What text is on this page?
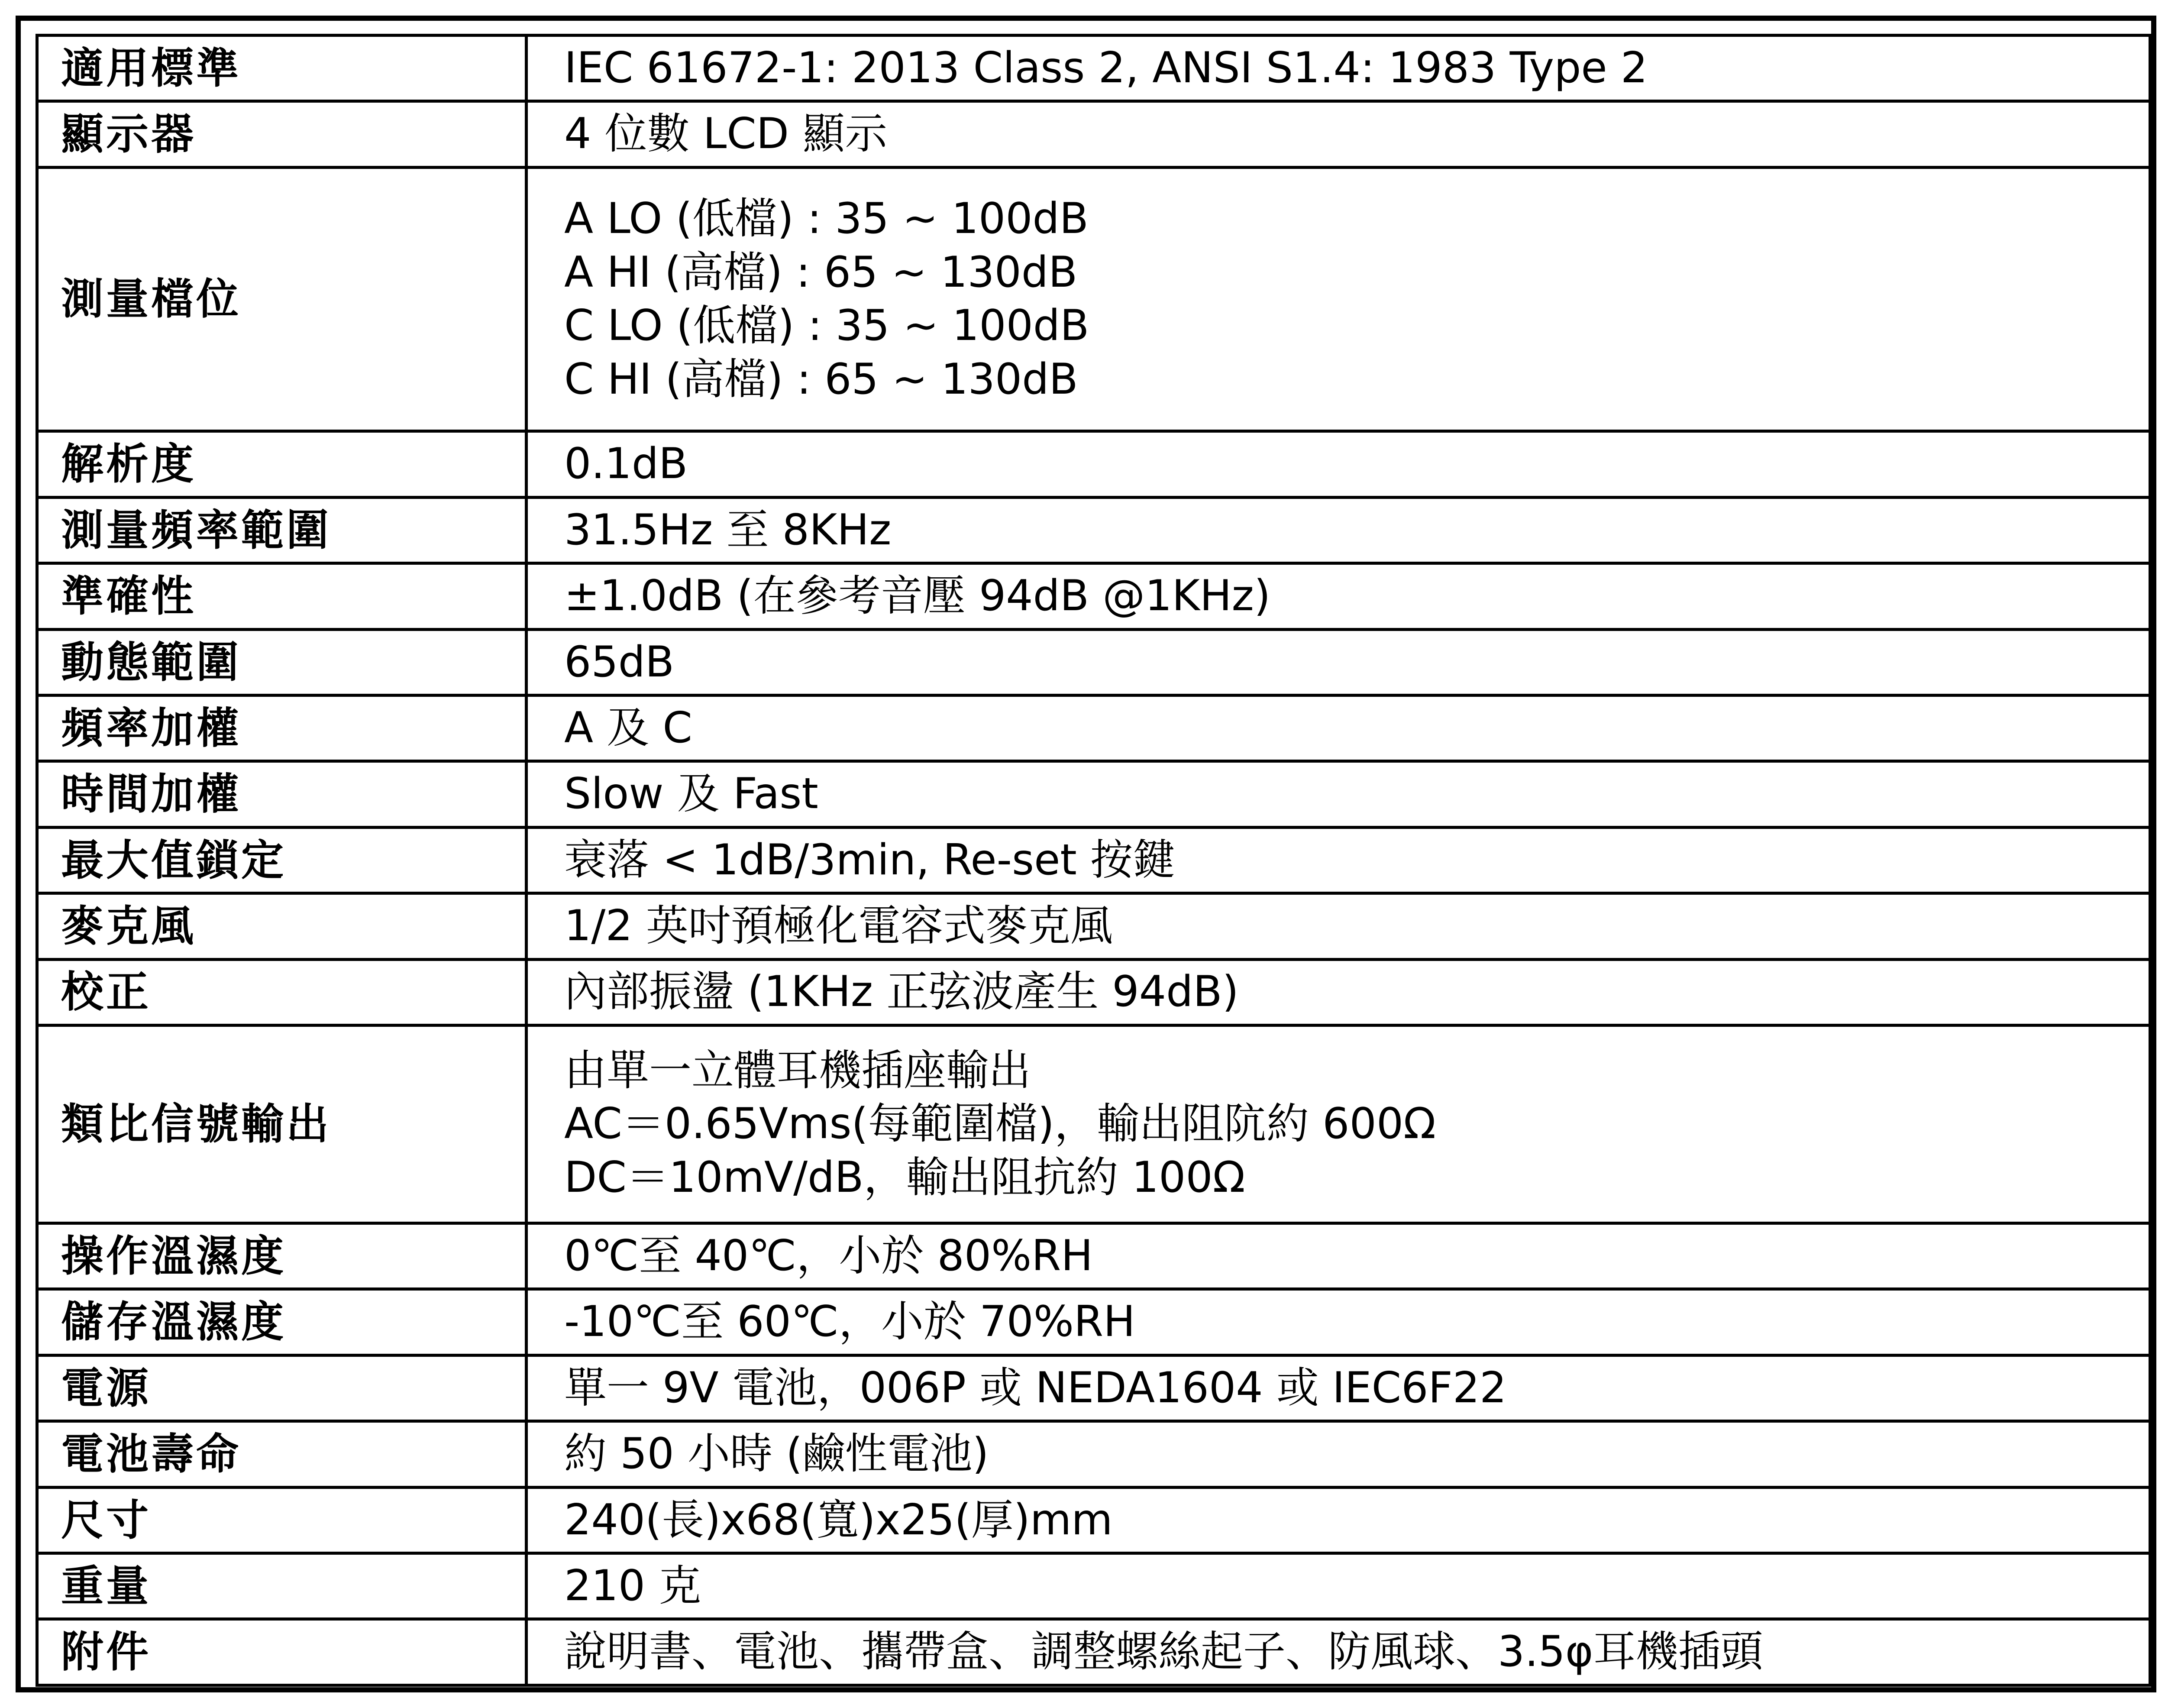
適用標準	IEC 61672-1: 2013 Class 2, ANSI S1.4: 1983 Type 2

顯示器	4 位數 LCD 顯示

測量檔位	A LO (低檔) : 35 ~ 100dB
A HI (高檔) : 65 ~ 130dB
C LO (低檔) : 35 ~ 100dB
C HI (高檔) : 65 ~ 130dB

解析度	0.1dB

測量頻率範圍	31.5Hz 至 8KHz

準確性	±1.0dB (在參考音壓 94dB @1KHz)

動態範圍	65dB

頻率加權	A 及 C

時間加權	Slow 及 Fast

最大值鎖定	衰落 < 1dB/3min, Re-set 按鍵

麥克風	1/2 英吋預極化電容式麥克風

校正	內部振盪 (1KHz 正弦波產生 94dB)

類比信號輸出	由單一立體耳機插座輸出
AC＝0.65Vms(每範圍檔)，輸出阻阬約 600Ω
DC＝10mV/dB，輸出阻抗約 100Ω

操作溫濕度	0℃至 40℃，小於 80%RH

儲存溫濕度	-10℃至 60℃，小於 70%RH

電源	單一 9V 電池，006P 或 NEDA1604 或 IEC6F22

電池壽命	約 50 小時 (鹼性電池)

尺寸	240(長)x68(寬)x25(厚)mm

重量	210 克

附件	說明書、電池、攜帶盒、調整螺絲起子、防風球、3.5φ耳機插頭
